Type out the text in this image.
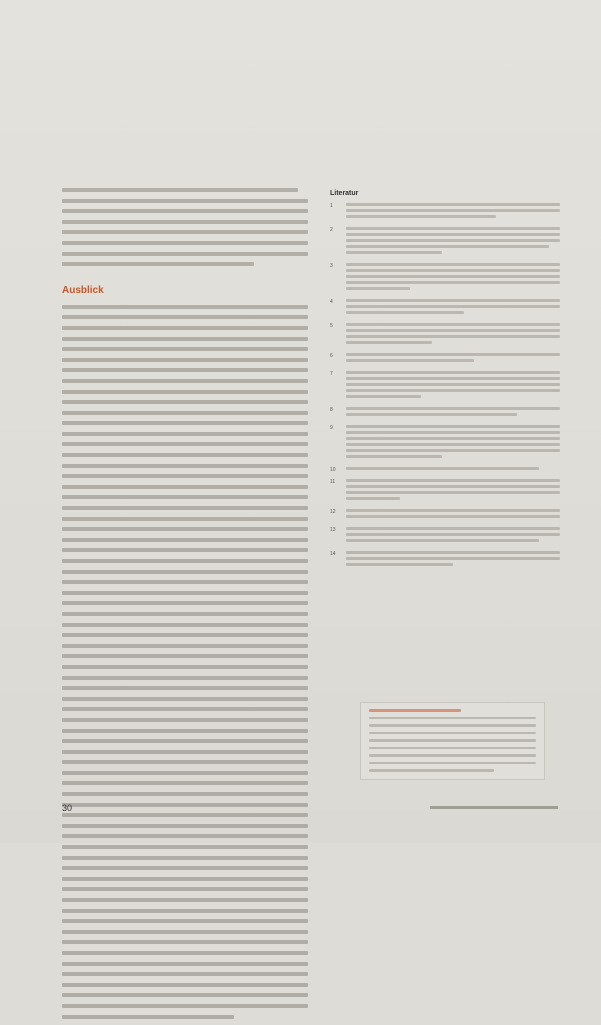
Ausblick
Literatur
1
2
3
4
5
6
7
8
9
10
11
12
13
14
30
